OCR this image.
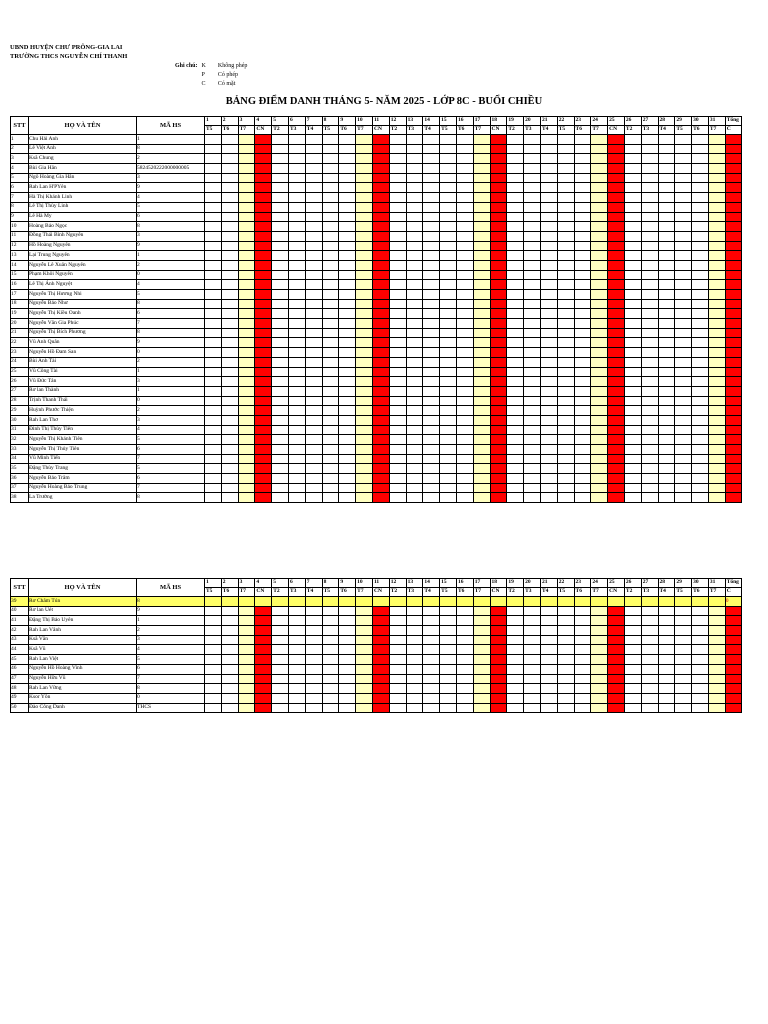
UBND HUYỆN CHƯ PRÔNG-GIA LAI
TRƯỜNG THCS NGUYỄN CHÍ THANH
Ghi chú:	K	Không phép
	P	Có phép
	C	Có mặt
BẢNG ĐIỂM DANH THÁNG 5- NĂM 2025 - LỚP 8C - BUỔI CHIỀU
STT	HỌ VÀ TÊN	MÃ HS	1	2	3	4	5	6	7	8	9	10	11	12	13	14	15	16	17	18	19	20	21	22	23	24	25	26	27	28	29	30	31	Tổng
			T5	T6	T7	CN	T2	T3	T4	T5	T6	T7	CN	T2	T3	T4	T5	T6	T7	CN	T2	T3	T4	T5	T6	T7	CN	T2	T3	T4	T5	T6	T7	C
1	Chu Hải Anh	1																																
2	Lê Việt Anh	8																																
3	Ksă Chung	2																																
4	Bùi Gia Hân	5824520222000000005																																
5	Ngô Hoàng Gia Hân	3																																
6	Rah Lan H'PYên	9																																
7	Hà Thị Khánh Linh	4																																
8	Lê Thị Thùy Linh	5																																
9	Lê Hà My	6																																
10	Hoàng Bảo Ngọc	8																																
11	Đồng Thái Bình Nguyên	3																																
12	Hồ Hoàng Nguyên	9																																
13	Lại Trung Nguyên	1																																
14	Nguyễn Lê Xuân Nguyên	2																																
15	Phạm Khôi Nguyên	0																																
16	Lê Thị Ánh Nguyệt	4																																
17	Nguyễn Thị Hương Nhi	5																																
18	Nguyễn Bảo Như	8																																
19	Nguyễn Thị Kiều Oanh	6																																
20	Nguyễn Văn Gia Phúc	7																																
21	Nguyễn Thị Bích Phương	8																																
22	Vũ Anh Quân	9																																
23	Nguyễn Hồ Đam San	0																																
24	Bùi Anh Tài	2																																
25	Vũ Công Tài	1																																
26	Vũ Đức Tân	3																																
27	Rơ lan Thành	1																																
28	Trịnh Thanh Thái	0																																
29	Huỳnh Phước Thiện	2																																
30	Rah Lan Thơ	3																																
31	Đinh Thị Thùy Tiên	4																																
32	Nguyễn Thị Khánh Tiên	5																																
33	Nguyễn Thị Thủy Tiên	6																																
34	Vũ Minh Tiến	7																																
35	Đặng Thùy Trang	5																																
36	Nguyễn Bảo Trâm	6																																
37	Nguyễn Hoàng Bảo Trung	7																																
38	La Trường	8																																
STT	HỌ VÀ TÊN	MÃ HS	1	2	3	4	5	6	7	8	9	10	11	12	13	14	15	16	17	18	19	20	21	22	23	24	25	26	27	28	29	30	31	Tổng
			T5	T6	T7	CN	T2	T3	T4	T5	T6	T7	CN	T2	T3	T4	T5	T6	T7	CN	T2	T3	T4	T5	T6	T7	CN	T2	T3	T4	T5	T6	T7	C
39	Rơ Châm Tún	8																																0
40	Rơ lan Uét	9																																
41	Đặng Thị Bảo Uyên	1																																
42	Rah Lan Vânh	2																																
43	Ksă Văn	3																																
44	Ksă Vũ	4																																
45	Rah Lan Việt	5																																
46	Nguyễn Hồ Hoàng Vinh	6																																
47	Nguyễn Hữu Vũ	7																																
48	Rah Lan Vững	8																																
49	Ksor Yôn	0																																
50	Đào Công Danh	THCS																																
